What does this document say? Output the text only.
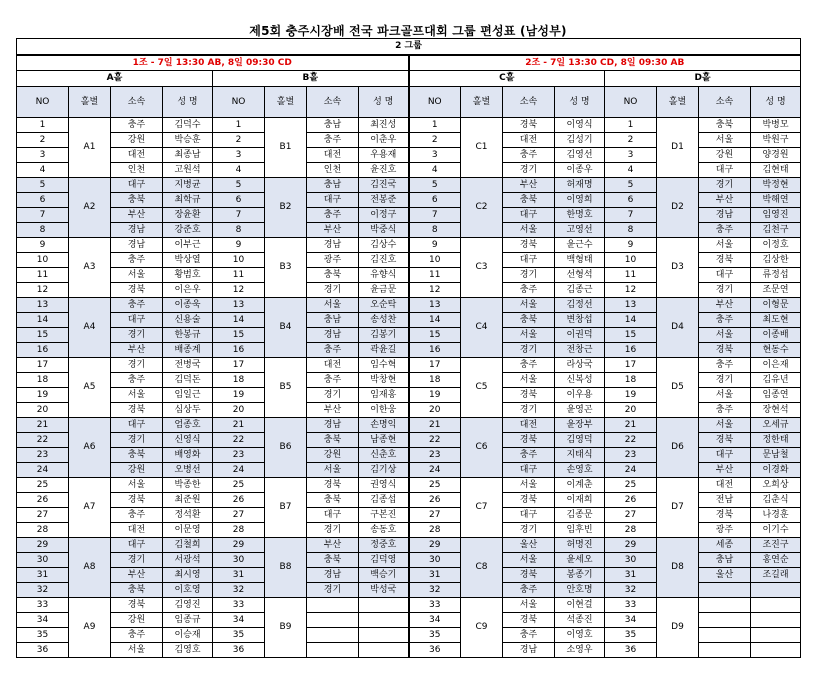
제5회 충주시장배 전국 파크골프대회 그룹 편성표 (남성부)
2 그룹															
1조 - 7일 13:30 AB, 8일 09:30 CD								2조 - 7일 13:30 CD, 8일 09:30 AB							
A홀				B홀				C홀				D홀			
NO	홀별	소속	성 명	NO	홀별	소속	성 명	NO	홀별	소속	성 명	NO	홀별	소속	성 명
1	A1	충주	김덕수	1	B1	충남	최진성	1	C1	경북	이영식	1	D1	충북	박병모
2		강원	박승훈	2		충주	이춘우	2		대전	김성기	2		서울	박원구
3		대전	최종남	3		대전	우용재	3		충주	김영선	3		강원	양경원
4		인천	고원석	4		인천	윤진호	4		경기	이종우	4		대구	김현태
5	A2	대구	지병균	5	B2	충남	김진국	5	C2	부산	허재명	5	D2	경기	박정현
6		충북	최학규	6		대구	전봉준	6		충북	이영희	6		부산	박해연
7		부산	장윤환	7		충주	이정구	7		대구	한명호	7		경남	임영진
8		경남	강준호	8		부산	박중식	8		서울	고영선	8		충주	김천구
9	A3	경남	이부근	9	B3	경남	김상수	9	C3	경북	윤근수	9	D3	서울	이정호
10		충주	박상열	10		광주	김진호	10		대구	백형태	10		경북	김상한
11		서울	황범호	11		충북	유향식	11		경기	선형석	11		대구	류정섭
12		경북	이은우	12		경기	윤금문	12		충주	김종근	12		경기	조문연
13	A4	충주	이종욱	13	B4	서울	오순탁	13	C4	서울	김정선	13	D4	부산	이형문
14		대구	신용술	14		충남	송성찬	14		충북	변창섭	14		충주	최도현
15		경기	한봉규	15		경남	김봉기	15		서울	이권덕	15		서울	이종배
16		부산	배종계	16		충주	곽윤길	16		경기	전창근	16		경북	현동수
17	A5	경기	전병국	17	B5	대전	임수혁	17	C5	충주	라상국	17	D5	충주	이은재
18		충주	김덕돈	18		충주	박창현	18		서울	신복성	18		경기	김유년
19		서울	임일근	19		경기	임재홍	19		경북	이우용	19		서울	임종연
20		경북	심상두	20		부산	이한웅	20		경기	윤영곤	20		충주	장현석
21	A6	대구	엄종호	21	B6	경남	손명익	21	C6	대전	윤장부	21	D6	서울	오세규
22		경기	신영식	22		충북	남종현	22		경북	김영덕	22		경북	정한태
23		충북	배영화	23		강원	신춘호	23		충주	지태식	23		대구	문남철
24		강원	오병선	24		서울	김기상	24		대구	손영호	24		부산	이경화
25	A7	서울	박종한	25	B7	경북	권영식	25	C7	서울	이계춘	25	D7	대전	오희상
26		경북	최준원	26		충북	김종섭	26		경북	이재희	26		전남	김춘식
27		충주	정석환	27		대구	구본진	27		대구	김종문	27		경북	나경훈
28		대전	이문영	28		경기	송동호	28		경기	임후빈	28		광주	이기수
29	A8	대구	김철희	29	B8	부산	정중호	29	C8	울산	허명진	29	D8	세종	조진구
30		경기	서광석	30		충북	김덕영	30		서울	윤세오	30		충남	홍연순
31		부산	최시영	31		경남	백승기	31		경북	봉종기	31		울산	조길래
32		충북	이호영	32		경기	박성국	32		충주	안호명	32			
33	A9	경북	김영진	33	B9			33	C9	서울	이현걸	33	D9		
34		강원	임종규	34				34		경북	석종진	34			
35		충주	이승재	35				35		충주	이영호	35			
36		서울	김영호	36				36		경남	소영우	36			
